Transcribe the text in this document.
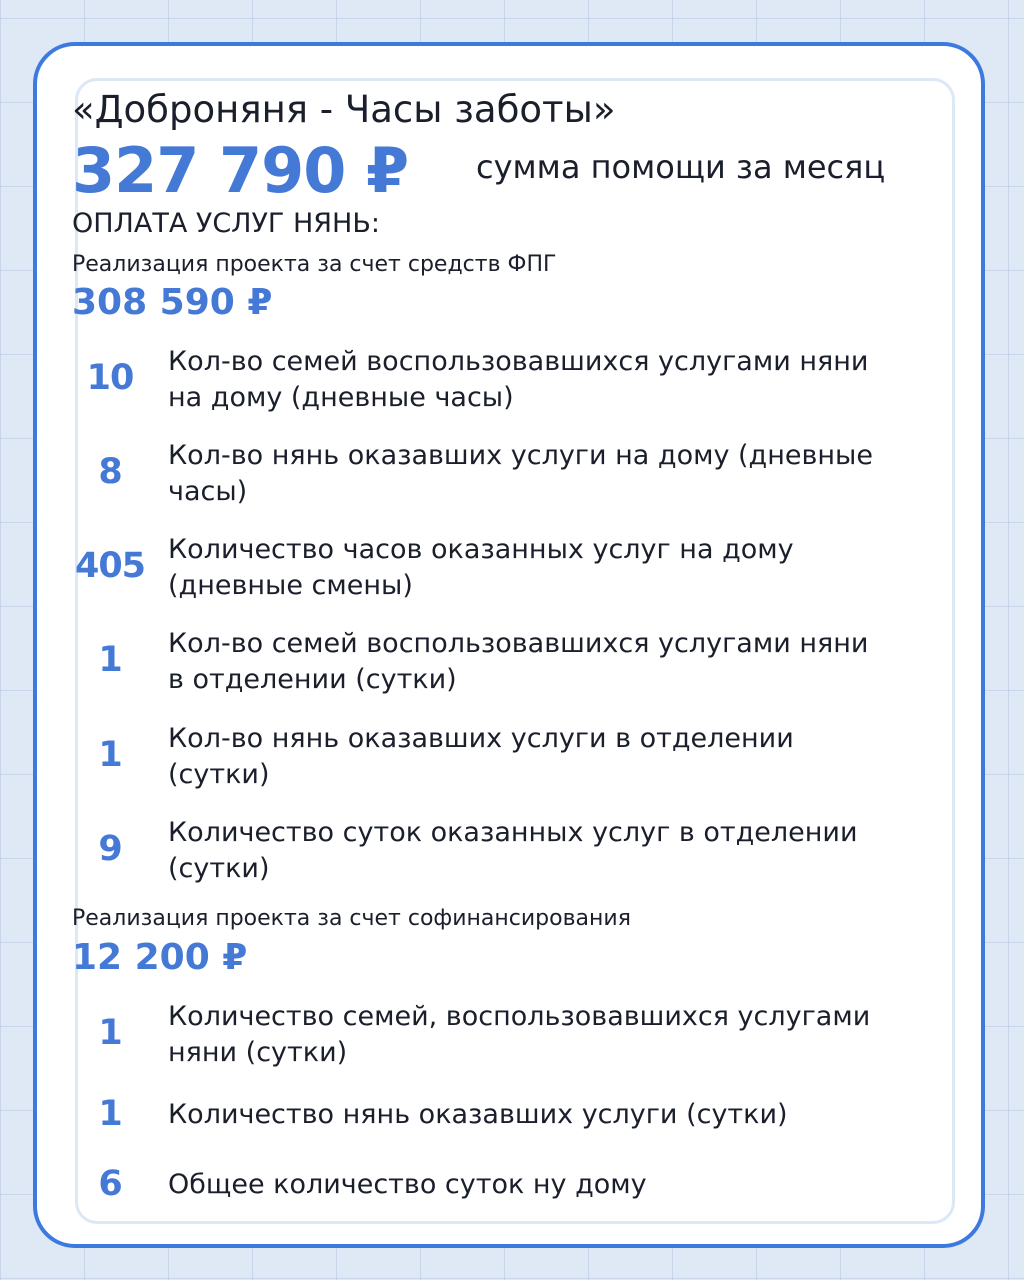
«Доброняня - Часы заботы»
327 790 ₽ сумма помощи за месяц
ОПЛАТА УСЛУГ НЯНЬ:
Реализация проекта за счет средств ФПГ
308 590 ₽
10	Кол-во семей воспользовавшихся услугами няни на дому (дневные часы)
8	Кол-во нянь оказавших услуги на дому (дневные часы)
405 Количество часов оказанных услуг на дому (дневные смены)
1	Кол-во семей воспользовавшихся услугами няни в отделении (сутки)
1	Кол-во нянь оказавших услуги в отделении (сутки)
9	Количество суток оказанных услуг в отделении (сутки)
Реализация проекта за счет софинансирования
12 200 ₽
1	Количество семей, воспользовавшихся услугами няни (сутки)
1	Количество нянь оказавших услуги (сутки)
6	Общее количество суток ну дому
